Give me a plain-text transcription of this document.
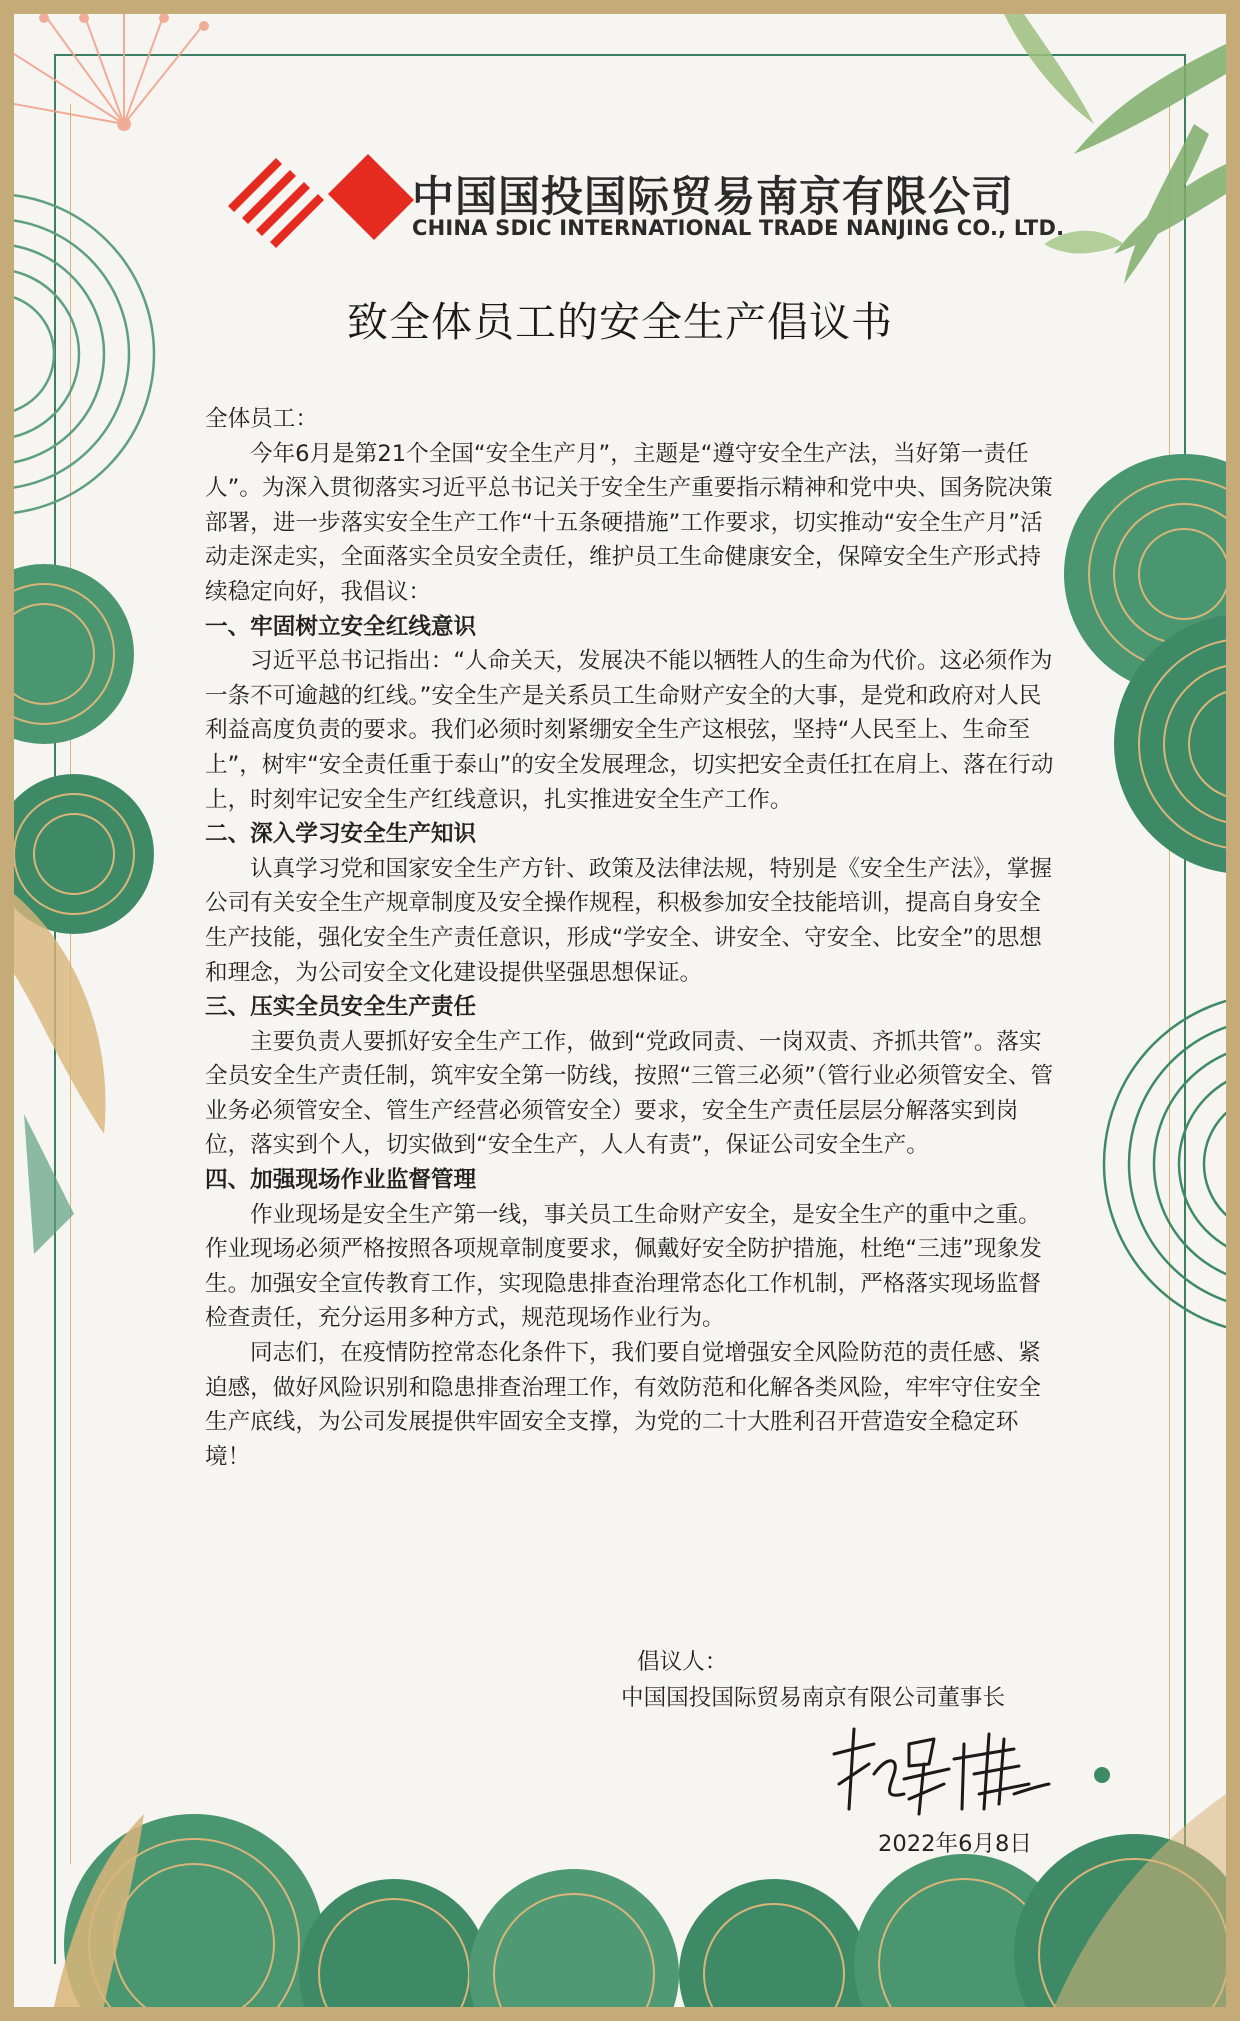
中国国投国际贸易南京有限公司
CHINA SDIC INTERNATIONAL TRADE NANJING CO., LTD.
致全体员工的安全生产倡议书

全体员工：

今年6月是第21个全国“安全生产月”，主题是“遵守安全生产法，当好第一责任人”。为深入贯彻落实习近平总书记关于安全生产重要指示精神和党中央、国务院决策部署，进一步落实安全生产工作“十五条硬措施”工作要求，切实推动“安全生产月”活动走深走实，全面落实全员安全责任，维护员工生命健康安全，保障安全生产形式持续稳定向好，我倡议：

一、牢固树立安全红线意识

习近平总书记指出：“人命关天，发展决不能以牺牲人的生命为代价。这必须作为一条不可逾越的红线。”安全生产是关系员工生命财产安全的大事，是党和政府对人民利益高度负责的要求。我们必须时刻紧绷安全生产这根弦，坚持“人民至上、生命至上”，树牢“安全责任重于泰山”的安全发展理念，切实把安全责任扛在肩上、落在行动上，时刻牢记安全生产红线意识，扎实推进安全生产工作。

二、深入学习安全生产知识

认真学习党和国家安全生产方针、政策及法律法规，特别是《安全生产法》，掌握公司有关安全生产规章制度及安全操作规程，积极参加安全技能培训，提高自身安全生产技能，强化安全生产责任意识，形成“学安全、讲安全、守安全、比安全”的思想和理念，为公司安全文化建设提供坚强思想保证。

三、压实全员安全生产责任

主要负责人要抓好安全生产工作，做到“党政同责、一岗双责、齐抓共管”。落实全员安全生产责任制，筑牢安全第一防线，按照“三管三必须”（管行业必须管安全、管业务必须管安全、管生产经营必须管安全）要求，安全生产责任层层分解落实到岗位，落实到个人，切实做到“安全生产，人人有责”，保证公司安全生产。

四、加强现场作业监督管理

作业现场是安全生产第一线，事关员工生命财产安全，是安全生产的重中之重。作业现场必须严格按照各项规章制度要求，佩戴好安全防护措施，杜绝“三违”现象发生。加强安全宣传教育工作，实现隐患排查治理常态化工作机制，严格落实现场监督检查责任，充分运用多种方式，规范现场作业行为。

同志们，在疫情防控常态化条件下，我们要自觉增强安全风险防范的责任感、紧迫感，做好风险识别和隐患排查治理工作，有效防范和化解各类风险，牢牢守住安全生产底线，为公司发展提供牢固安全支撑，为党的二十大胜利召开营造安全稳定环境！

倡议人：
中国国投国际贸易南京有限公司董事长
2022年6月8日
